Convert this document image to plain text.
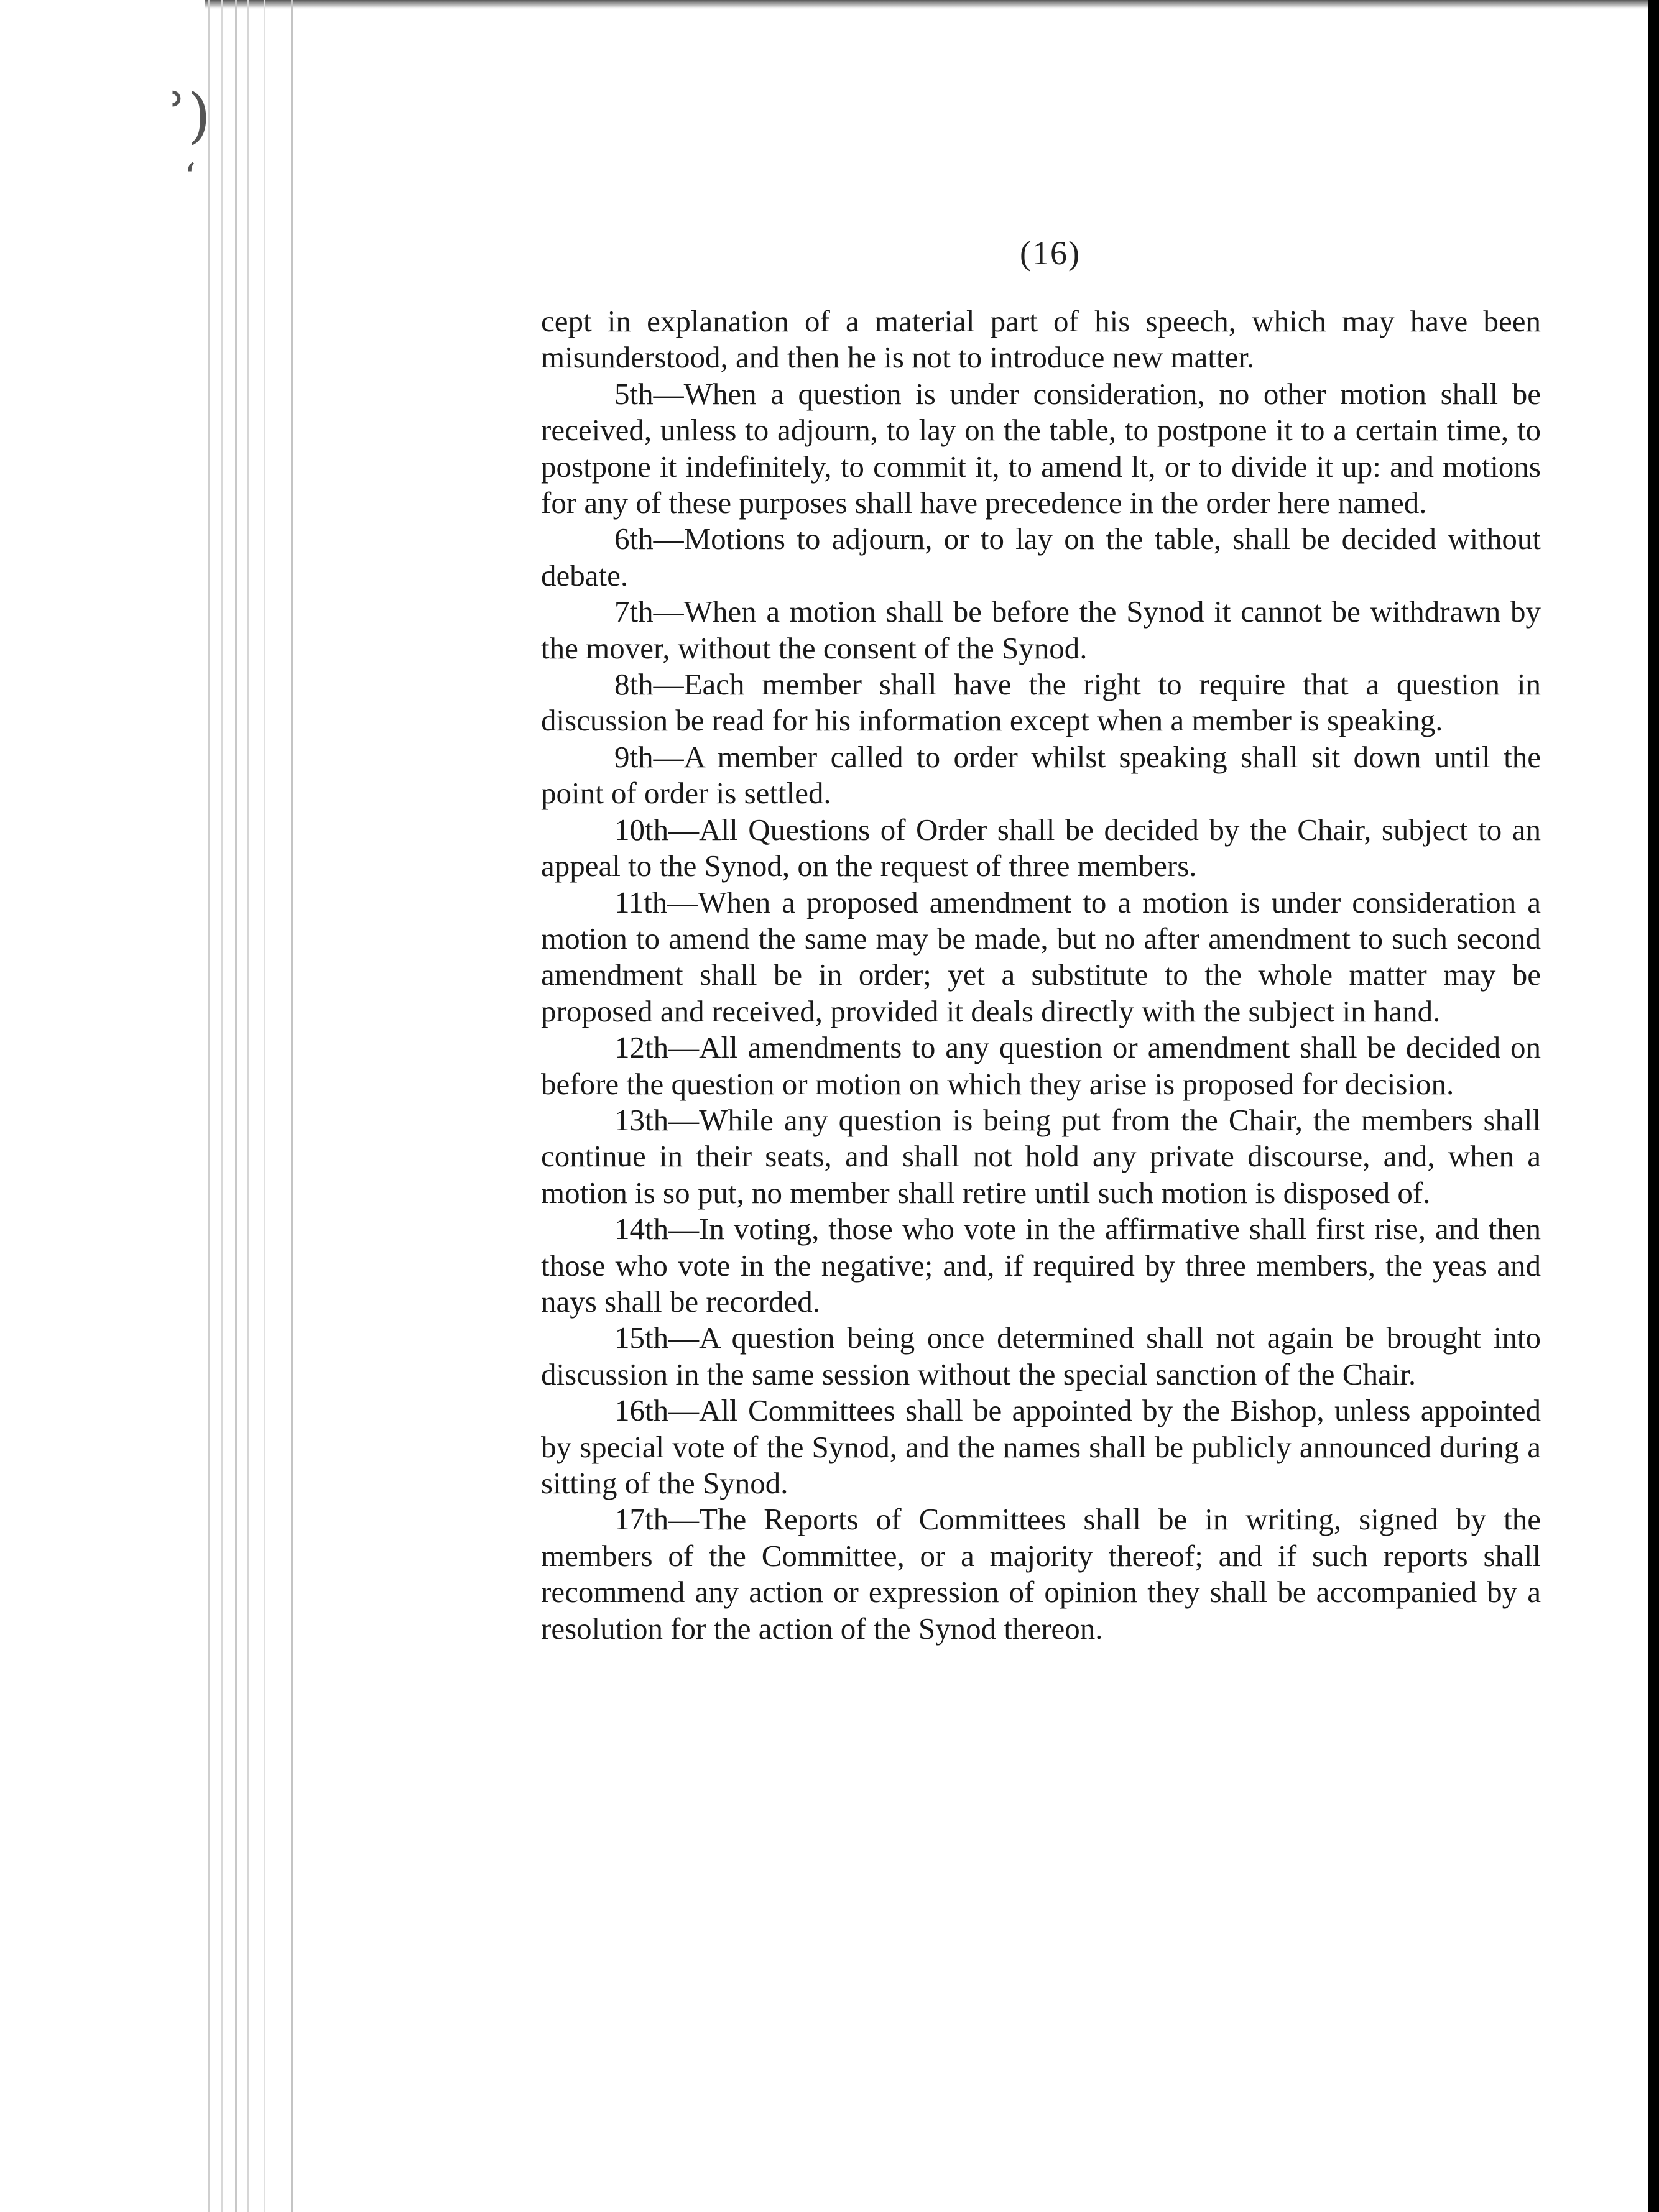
ʾ)
‘
(16)

cept in explanation of a material part of his speech, which may have been misunderstood, and then he is not to introduce new matter.

5th—When a question is under consideration, no other motion shall be received, unless to adjourn, to lay on the table, to postpone it to a certain time, to postpone it indefinitely, to commit it, to amend lt, or to divide it up: and motions for any of these purposes shall have precedence in the order here named.

6th—Motions to adjourn, or to lay on the table, shall be decided without debate.

7th—When a motion shall be before the Synod it cannot be withdrawn by the mover, without the consent of the Synod.

8th—Each member shall have the right to require that a question in discussion be read for his information except when a member is speaking.

9th—A member called to order whilst speaking shall sit down until the point of order is settled.

10th—All Questions of Order shall be decided by the Chair, subject to an appeal to the Synod, on the request of three members.

11th—When a proposed amendment to a motion is under consideration a motion to amend the same may be made, but no after amendment to such second amendment shall be in order; yet a substitute to the whole matter may be proposed and received, provided it deals directly with the subject in hand.

12th—All amendments to any question or amendment shall be decided on before the question or motion on which they arise is proposed for decision.

13th—While any question is being put from the Chair, the members shall continue in their seats, and shall not hold any private discourse, and, when a motion is so put, no member shall retire until such motion is disposed of.

14th—In voting, those who vote in the affirmative shall first rise, and then those who vote in the negative; and, if required by three members, the yeas and nays shall be recorded.

15th—A question being once determined shall not again be brought into discussion in the same session without the special sanction of the Chair.

16th—All Committees shall be appointed by the Bishop, unless appointed by special vote of the Synod, and the names shall be publicly announced during a sitting of the Synod.

17th—The Reports of Committees shall be in writing, signed by the members of the Committee, or a majority thereof; and if such reports shall recommend any action or expression of opinion they shall be accompanied by a resolution for the action of the Synod thereon.
